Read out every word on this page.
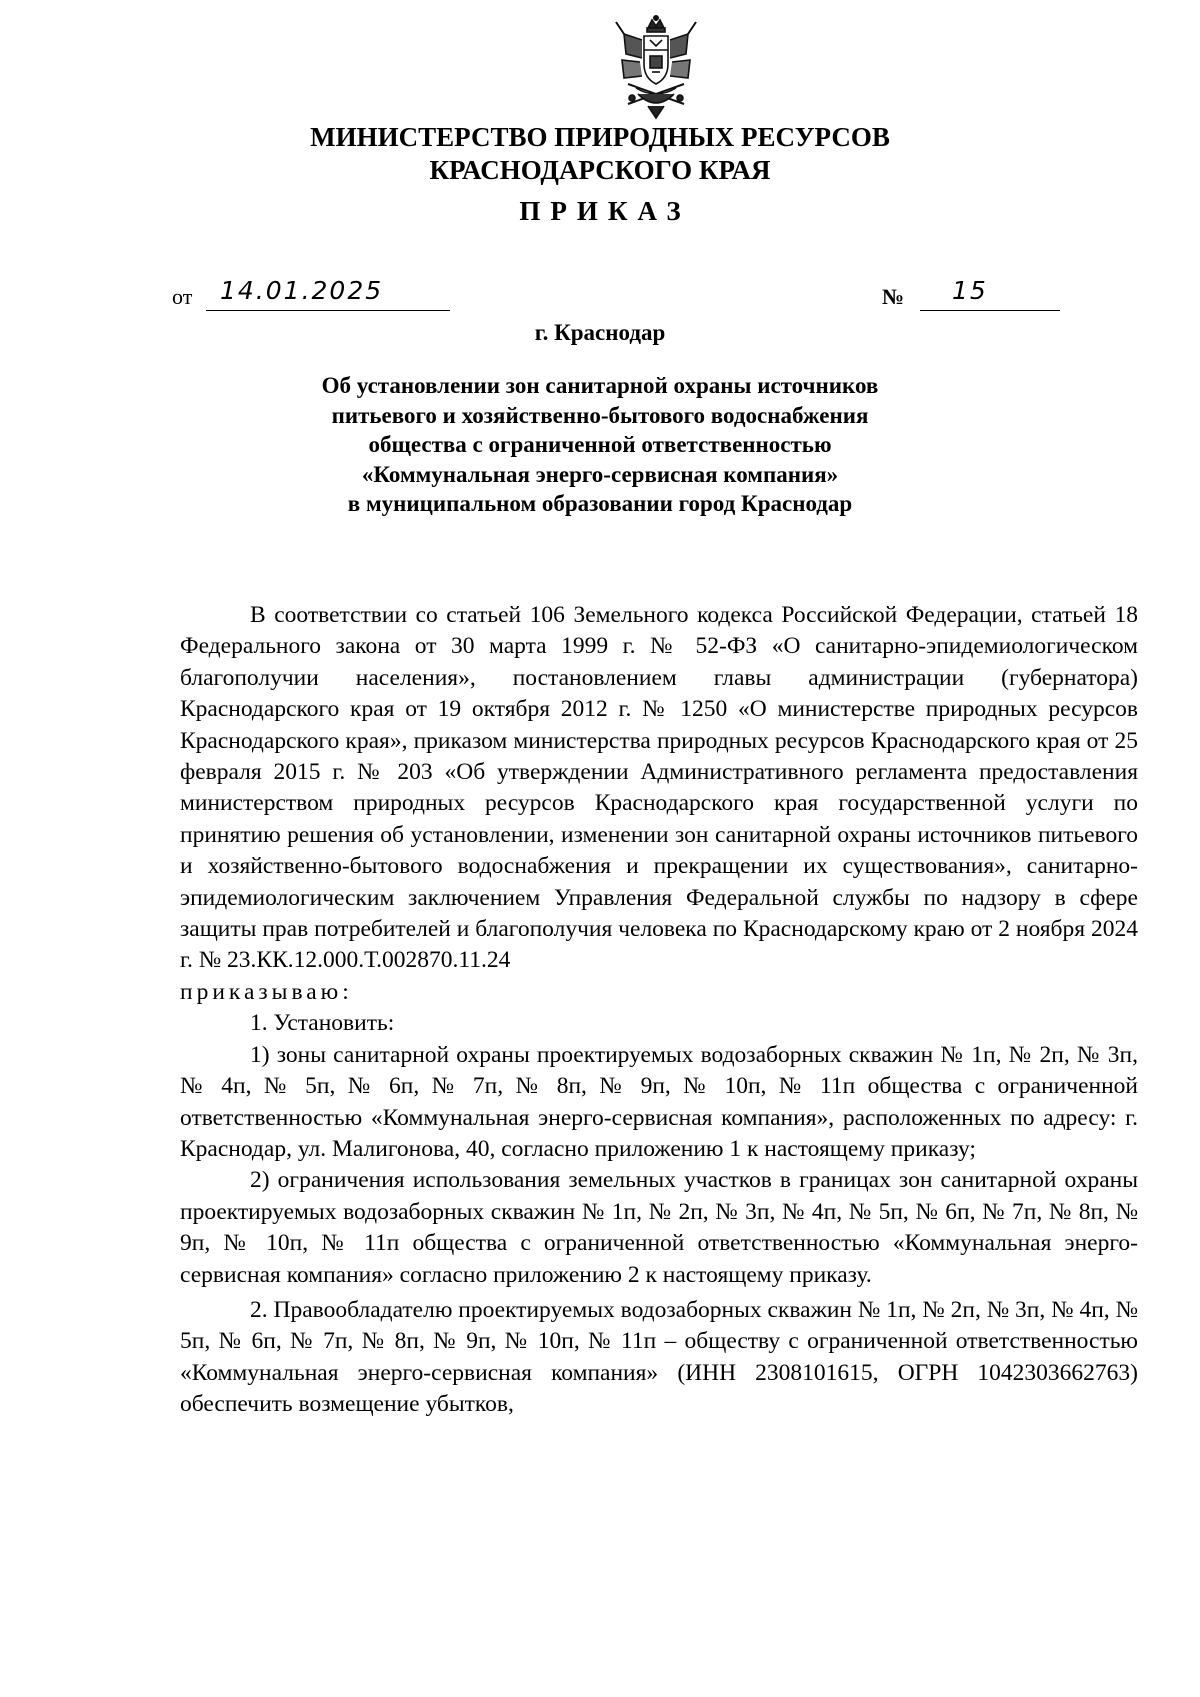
МИНИСТЕРСТВО ПРИРОДНЫХ РЕСУРСОВ
КРАСНОДАРСКОГО КРАЯ
ПРИКАЗ
от 14.01.2025	№ 15
г. Краснодар
Об установлении зон санитарной охраны источников
питьевого и хозяйственно-бытового водоснабжения
общества с ограниченной ответственностью
«Коммунальная энерго-сервисная компания»
в муниципальном образовании город Краснодар

В соответствии со статьей 106 Земельного кодекса Российской Федерации, статьей 18 Федерального закона от 30 марта 1999 г. № 52-ФЗ «О санитарно-эпидемиологическом благополучии населения», постановлением главы администрации (губернатора) Краснодарского края от 19 октября 2012 г. № 1250 «О министерстве природных ресурсов Краснодарского края», приказом министерства природных ресурсов Краснодарского края от 25 февраля 2015 г. № 203 «Об утверждении Административного регламента предоставления министерством природных ресурсов Краснодарского края государственной услуги по принятию решения об установлении, изменении зон санитарной охраны источников питьевого и хозяйственно-бытового водоснабжения и прекращении их существования», санитарно-эпидемиологическим заключением Управления Федеральной службы по надзору в сфере защиты прав потребителей и благополучия человека по Краснодарскому краю от 2 ноября 2024 г. № 23.КК.12.000.Т.002870.11.24

приказываю:

1. Установить:

1) зоны санитарной охраны проектируемых водозаборных скважин № 1п, № 2п, № 3п, № 4п, № 5п, № 6п, № 7п, № 8п, № 9п, № 10п, № 11п общества с ограниченной ответственностью «Коммунальная энерго-сервисная компания», расположенных по адресу: г. Краснодар, ул. Малигонова, 40, согласно приложению 1 к настоящему приказу;

2) ограничения использования земельных участков в границах зон санитарной охраны проектируемых водозаборных скважин № 1п, № 2п, № 3п, № 4п, № 5п, № 6п, № 7п, № 8п, № 9п, № 10п, № 11п общества с ограниченной ответственностью «Коммунальная энерго-сервисная компания» согласно приложению 2 к настоящему приказу.

2. Правообладателю проектируемых водозаборных скважин № 1п, № 2п, № 3п, № 4п, № 5п, № 6п, № 7п, № 8п, № 9п, № 10п, № 11п – обществу с ограниченной ответственностью «Коммунальная энерго-сервисная компания» (ИНН 2308101615, ОГРН 1042303662763) обеспечить возмещение убытков,
